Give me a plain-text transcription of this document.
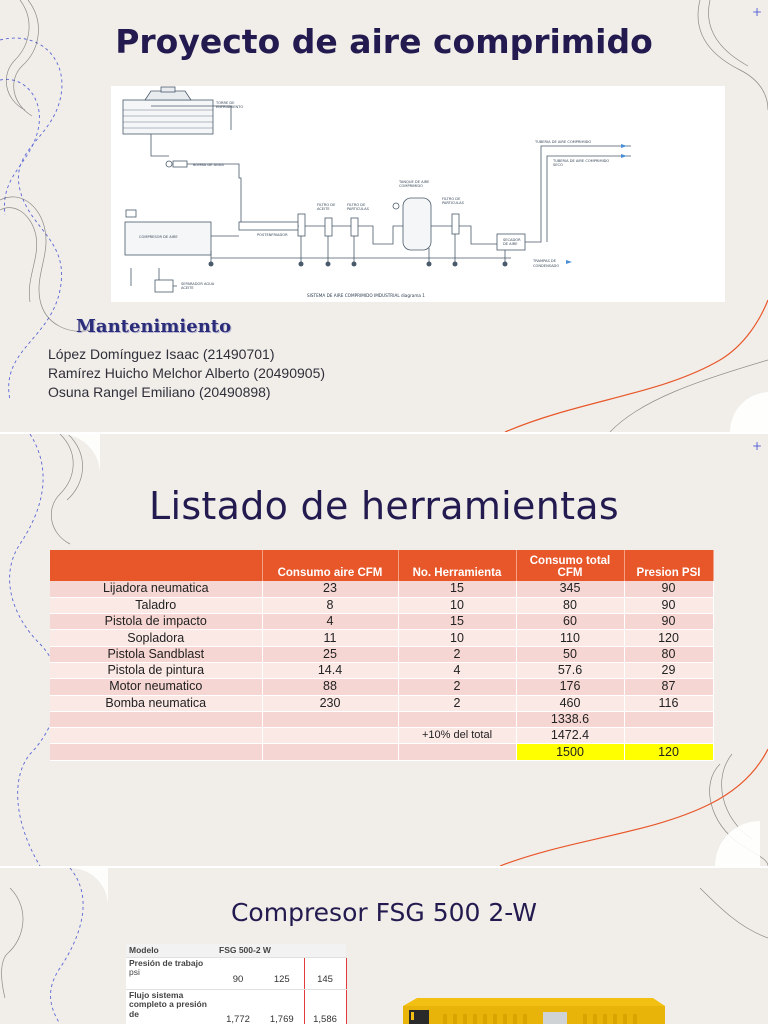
+
Proyecto de aire comprimido
TORRE DE
ENFRIAMIENTO
BOMBA DE AGUA
COMPRESOR DE AIRE	POSTENFRIADOR
FILTRO DE
ACEITE
FILTRO DE
PARTICULAS
TANQUE DE AIRE
COMPRIMIDO
FILTRO DE
PARTICULAS
SECADOR
DE AIRE
TUBERIA DE AIRE COMPRIMIDO
TUBERIA DE AIRE COMPRIMIDO
SECO
TRAMPAS DE
CONDENSADO
SEPARADOR AGUA
ACEITE
SISTEMA DE AIRE COMPRIMIDO IMDUSTRIAL diagrama 1
Mantenimiento
López Domínguez Isaac (21490701)
Ramírez Huicho Melchor Alberto (20490905)
Osuna Rangel Emiliano (20490898)
+
Listado de herramientas
	Consumo aire CFM	No. Herramienta	Consumo total CFM	Presion PSI
Lijadora neumatica	23	15	345	90
Taladro	8	10	80	90
Pistola de impacto	4	15	60	90
Sopladora	11	10	110	120
Pistola Sandblast	25	2	50	80
Pistola de pintura	14.4	4	57.6	29
Motor neumatico	88	2	176	87
Bomba neumatica	230	2	460	116
			1338.6	
		+10% del total	1472.4	
			1500	120
Compresor FSG 500 2-W
Modelo	FSG 500-2 W		
Presión de trabajo
psi	90	125	145
Flujo sistema completo a presión de	1,772	1,769	1,586
